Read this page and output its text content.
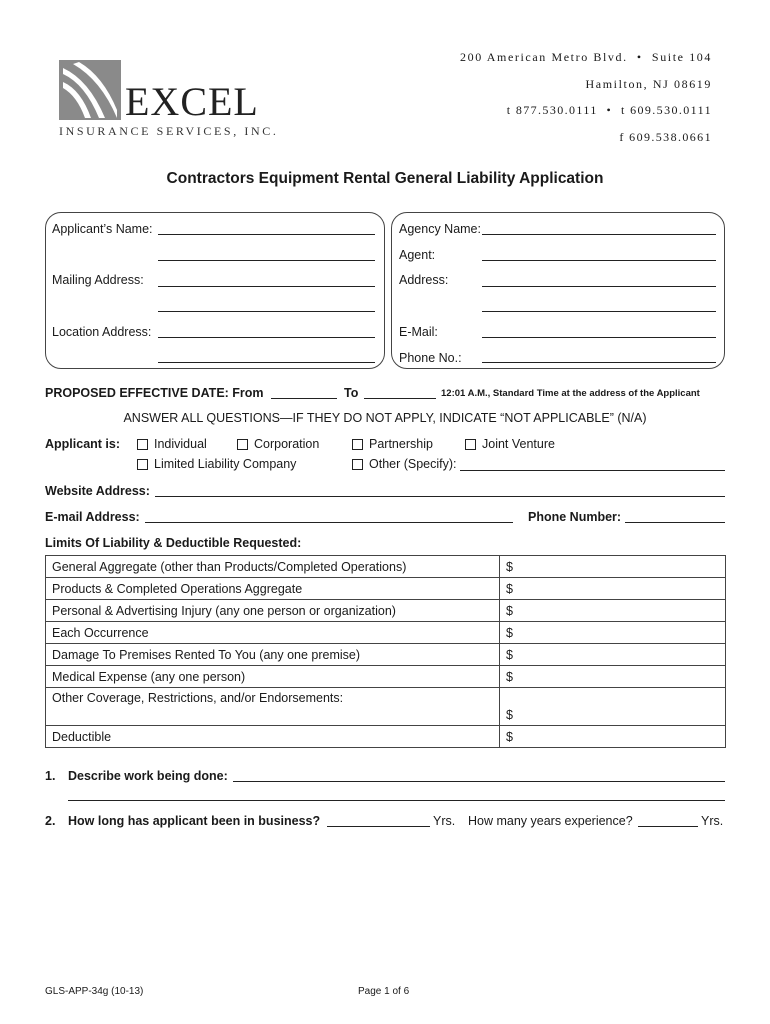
EXCEL
INSURANCE SERVICES, INC.
200 American Metro Blvd.  •  Suite 104
Hamilton, NJ 08619
t 877.530.0111  •  t 609.530.0111
f 609.538.0661
Contractors Equipment Rental General Liability Application
Applicant’s Name:
Mailing Address:
Location Address:
Agency Name:
Agent:
Address:
E-Mail:
Phone No.:
PROPOSED EFFECTIVE DATE: From	To	12:01 A.M., Standard Time at the address of the Applicant
ANSWER ALL QUESTIONS—IF THEY DO NOT APPLY, INDICATE “NOT APPLICABLE” (N/A)
Applicant is:	Individual	Corporation	Partnership	Joint Venture
Limited Liability Company	Other (Specify):
Website Address:
E-mail Address:	Phone Number:
Limits Of Liability & Deductible Requested:
General Aggregate (other than Products/Completed Operations)	$
Products & Completed Operations Aggregate	$
Personal & Advertising Injury (any one person or organization)	$
Each Occurrence	$
Damage To Premises Rented To You (any one premise)	$
Medical Expense (any one person)	$
Other Coverage, Restrictions, and/or Endorsements:	$
Deductible	$
1. Describe work being done:
2. How long has applicant been in business?	Yrs. How many years experience?	Yrs.
GLS-APP-34g (10-13)	Page 1 of 6
